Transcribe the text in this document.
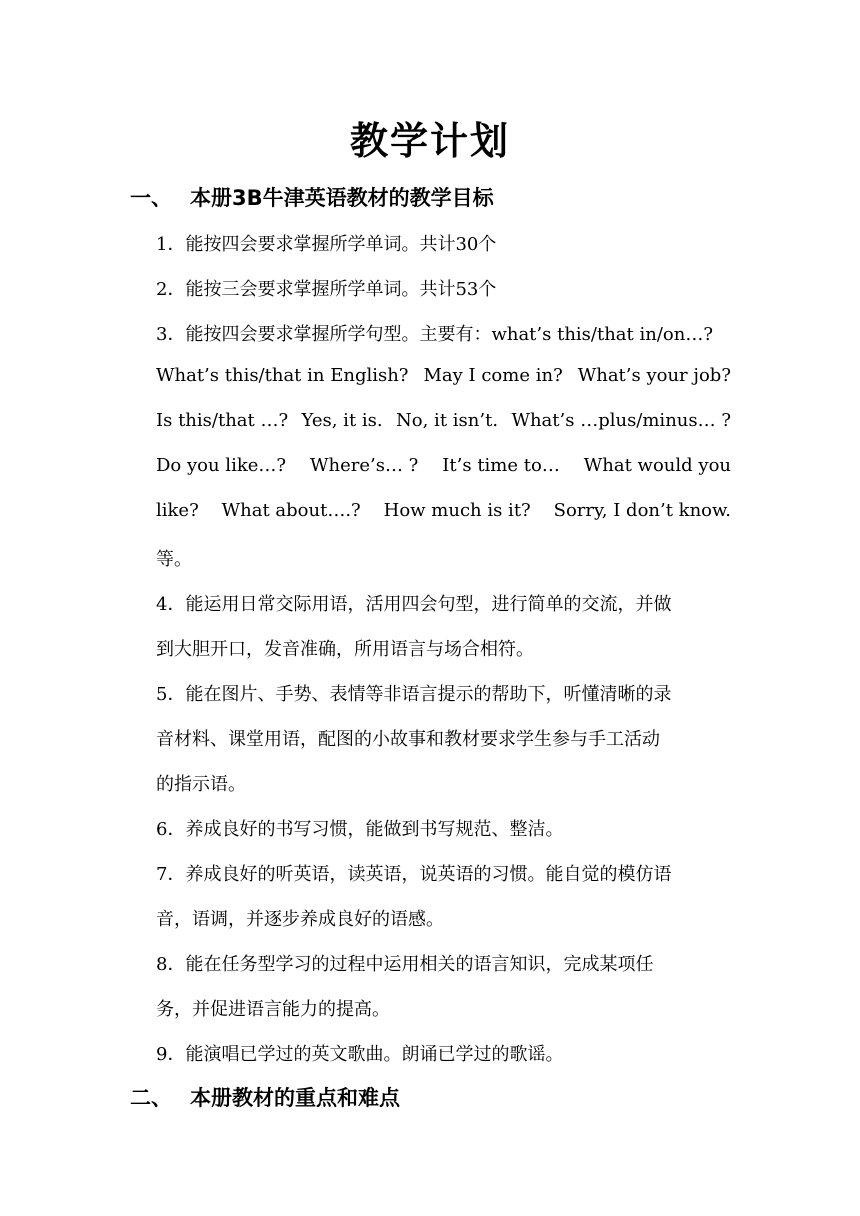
教学计划
一、 本册3B牛津英语教材的教学目标
1．能按四会要求掌握所学单词。共计30个
2．能按三会要求掌握所学单词。共计53个
3．能按四会要求掌握所学句型。主要有：what’s this/that in/on…?
What’s this/that in English? May I come in? What’s your job?
Is this/that …? Yes, it is. No, it isn’t. What’s …plus/minus… ?
Do you like…? Where’s… ? It’s time to… What would you
like? What about….? How much is it? Sorry, I don’t know.
等。
4．能运用日常交际用语，活用四会句型，进行简单的交流，并做
到大胆开口，发音准确，所用语言与场合相符。
5．能在图片、手势、表情等非语言提示的帮助下，听懂清晰的录
音材料、课堂用语，配图的小故事和教材要求学生参与手工活动
的指示语。
6．养成良好的书写习惯，能做到书写规范、整洁。
7．养成良好的听英语，读英语，说英语的习惯。能自觉的模仿语
音，语调，并逐步养成良好的语感。
8．能在任务型学习的过程中运用相关的语言知识，完成某项任
务，并促进语言能力的提高。
9．能演唱已学过的英文歌曲。朗诵已学过的歌谣。
二、 本册教材的重点和难点
